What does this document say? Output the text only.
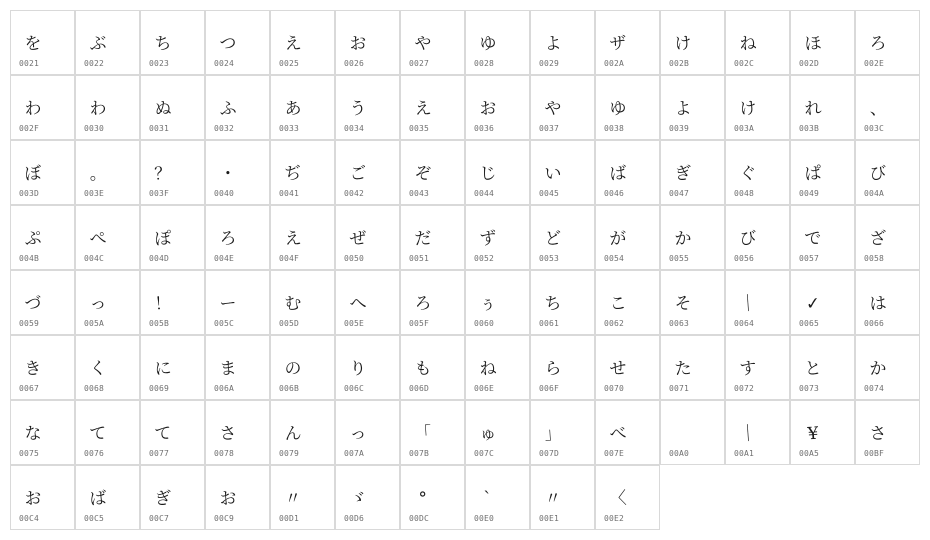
を
0021
ぶ
0022
ち
0023
つ
0024
え
0025
お
0026
や
0027
ゆ
0028
よ
0029
ザ
002A
け
002B
ね
002C
ほ
002D
ろ
002E
わ
002F
わ
0030
ぬ
0031
ふ
0032
あ
0033
う
0034
え
0035
お
0036
や
0037
ゆ
0038
よ
0039
け
003A
れ
003B
、
003C
ぼ
003D
。
003E
？
003F
・
0040
ぢ
0041
ご
0042
ぞ
0043
じ
0044
い
0045
ば
0046
ぎ
0047
ぐ
0048
ぱ
0049
び
004A
ぷ
004B
ぺ
004C
ぽ
004D
ろ
004E
え
004F
ぜ
0050
だ
0051
ず
0052
ど
0053
が
0054
か
0055
び
0056
で
0057
ざ
0058
づ
0059
っ
005A
！
005B
ー
005C
む
005D
へ
005E
ろ
005F
ぅ
0060
ち
0061
こ
0062
そ
0063
｜
0064
✓
0065
は
0066
き
0067
く
0068
に
0069
ま
006A
の
006B
り
006C
も
006D
ね
006E
ら
006F
せ
0070
た
0071
す
0072
と
0073
か
0074
な
0075
て
0076
て
0077
さ
0078
ん
0079
っ
007A
「
007B
ゅ
007C
」
007D
べ
007E	00A0
｜
00A1
¥
00A5
さ
00BF
お
00C4
ば
00C5
ぎ
00C7
お
00C9
〃
00D1
ゞ
00D6
°
00DC
ˋ
00E0
〃
00E1
〈
00E2
